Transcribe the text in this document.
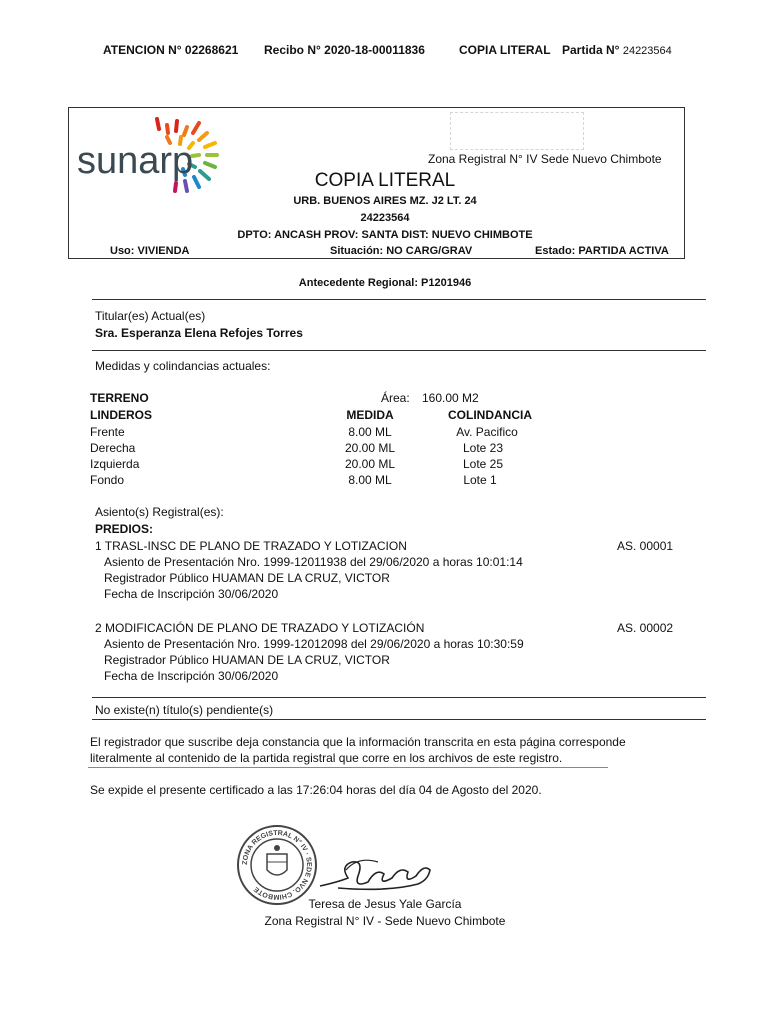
ATENCION N° 02268621 Recibo N° 2020-18-00011836	COPIA LITERAL Partida N° 24223564
sunarp	Zona Registral N° IV Sede Nuevo Chimbote
COPIA LITERAL
URB. BUENOS AIRES MZ. J2 LT. 24
24223564
DPTO: ANCASH PROV: SANTA DIST: NUEVO CHIMBOTE
Uso: VIVIENDA	Situación: NO CARG/GRAV	Estado: PARTIDA ACTIVA
Antecedente Regional: P1201946
Titular(es) Actual(es)
Sra. Esperanza Elena Refojes Torres
Medidas y colindancias actuales:
TERRENO	Área: 160.00 M2
LINDEROS	MEDIDA	COLINDANCIA
Frente	8.00 ML	Av. Pacifico
Derecha	20.00 ML	Lote 23
Izquierda	20.00 ML	Lote 25
Fondo	8.00 ML	Lote 1
Asiento(s) Registral(es):
PREDIOS:
1 TRASL-INSC DE PLANO DE TRAZADO Y LOTIZACION	AS. 00001
Asiento de Presentación Nro. 1999-12011938 del 29/06/2020 a horas 10:01:14
Registrador Público HUAMAN DE LA CRUZ, VICTOR
Fecha de Inscripción 30/06/2020
2 MODIFICACIÓN DE PLANO DE TRAZADO Y LOTIZACIÓN	AS. 00002
Asiento de Presentación Nro. 1999-12012098 del 29/06/2020 a horas 10:30:59
Registrador Público HUAMAN DE LA CRUZ, VICTOR
Fecha de Inscripción 30/06/2020
No existe(n) título(s) pendiente(s)
El registrador que suscribe deja constancia que la información transcrita en esta página corresponde
literalmente al contenido de la partida registral que corre en los archivos de este registro.
Se expide el presente certificado a las 17:26:04 horas del día 04 de Agosto del 2020.
ZONA REGISTRAL N° IV · SEDE NVO. CHIMBOTE
Teresa de Jesus Yale García
Zona Registral N° IV - Sede Nuevo Chimbote
